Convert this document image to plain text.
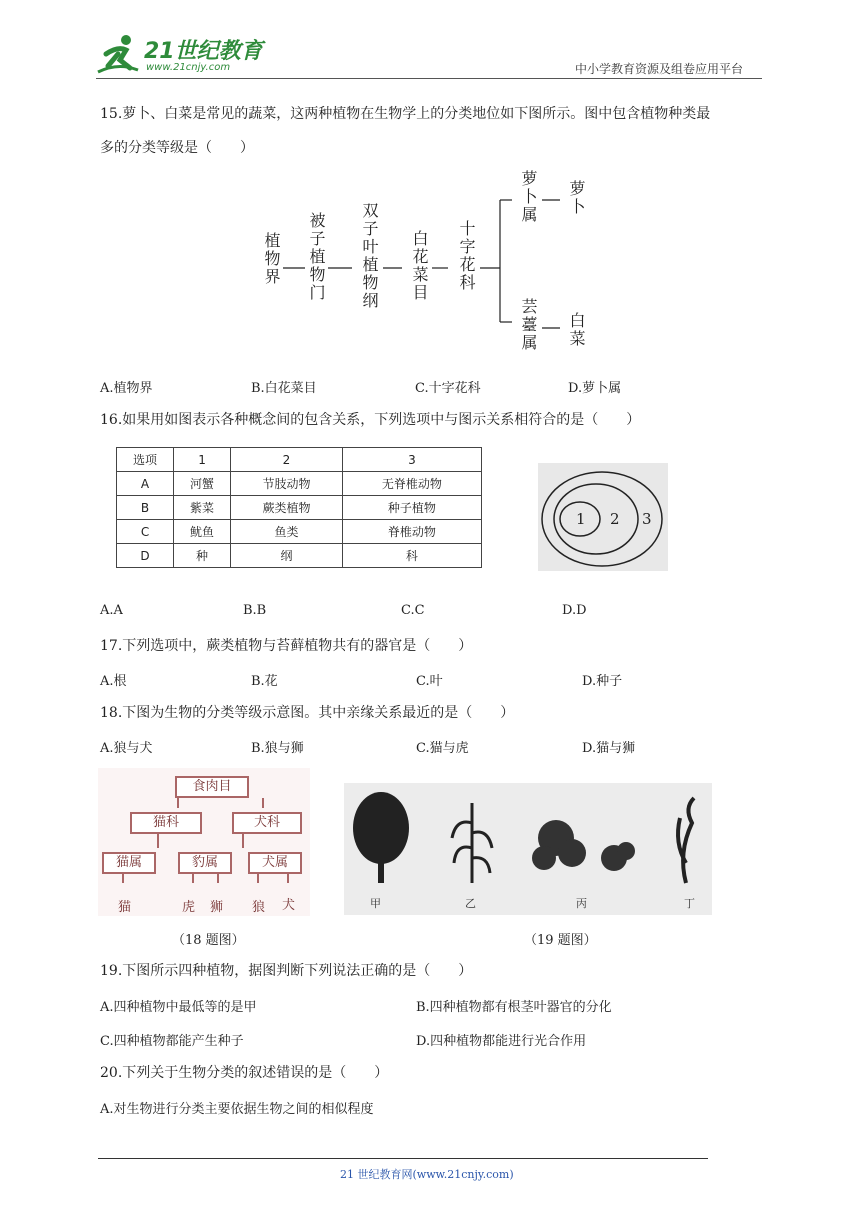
21世纪教育
www.21cnjy.com	中小学教育资源及组卷应用平台
15.萝卜、白菜是常见的蔬菜，这两种植物在生物学上的分类地位如下图所示。图中包含植物种类最
多的分类等级是（　　）
植物界 被子植物门 双子叶植物纲 白花菜目 十字花科
萝卜属 萝卜
芸薹属 白菜
A.植物界	B.白花菜目	C.十字花科	D.萝卜属
16.如果用如图表示各种概念间的包含关系，下列选项中与图示关系相符合的是（　　）
选项	1	2	3
A	河蟹	节肢动物	无脊椎动物
B	紫菜	蕨类植物	种子植物
C	鱿鱼	鱼类	脊椎动物
D	种	纲	科
1 2 3
A.A	B.B	C.C	D.D
17.下列选项中，蕨类植物与苔藓植物共有的器官是（　　）
A.根	B.花	C.叶	D.种子
18.下图为生物的分类等级示意图。其中亲缘关系最近的是（　　）
A.狼与犬	B.狼与狮	C.猫与虎	D.猫与狮
食肉目
猫科	犬科
猫属	豹属	犬属
猫	虎 狮 狼 犬	甲	乙	丙	丁
（18 题图）	（19 题图）
19.下图所示四种植物，据图判断下列说法正确的是（　　）
A.四种植物中最低等的是甲	B.四种植物都有根茎叶器官的分化
C.四种植物都能产生种子	D.四种植物都能进行光合作用
20.下列关于生物分类的叙述错误的是（　　）
A.对生物进行分类主要依据生物之间的相似程度
21 世纪教育网(www.21cnjy.com)
